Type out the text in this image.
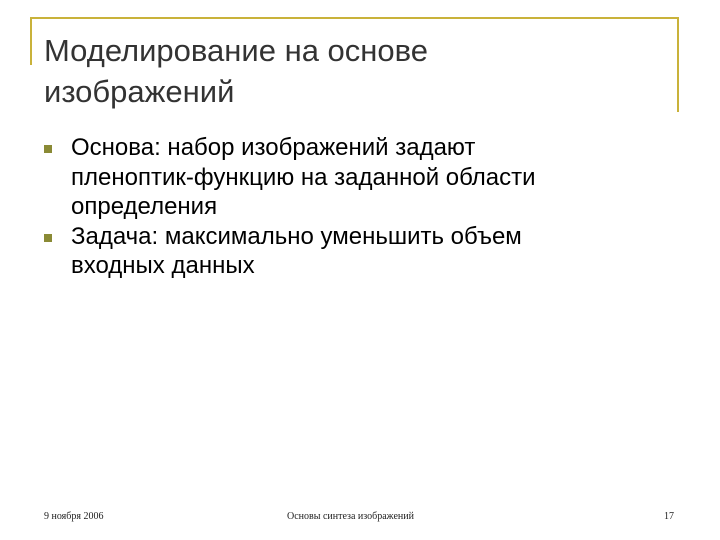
Моделирование на основе
изображений
Основа: набор изображений задают
пленоптик-функцию на заданной области
определения
Задача: максимально уменьшить объем
входных данных
9 ноября 2006	Основы синтеза изображений	17
